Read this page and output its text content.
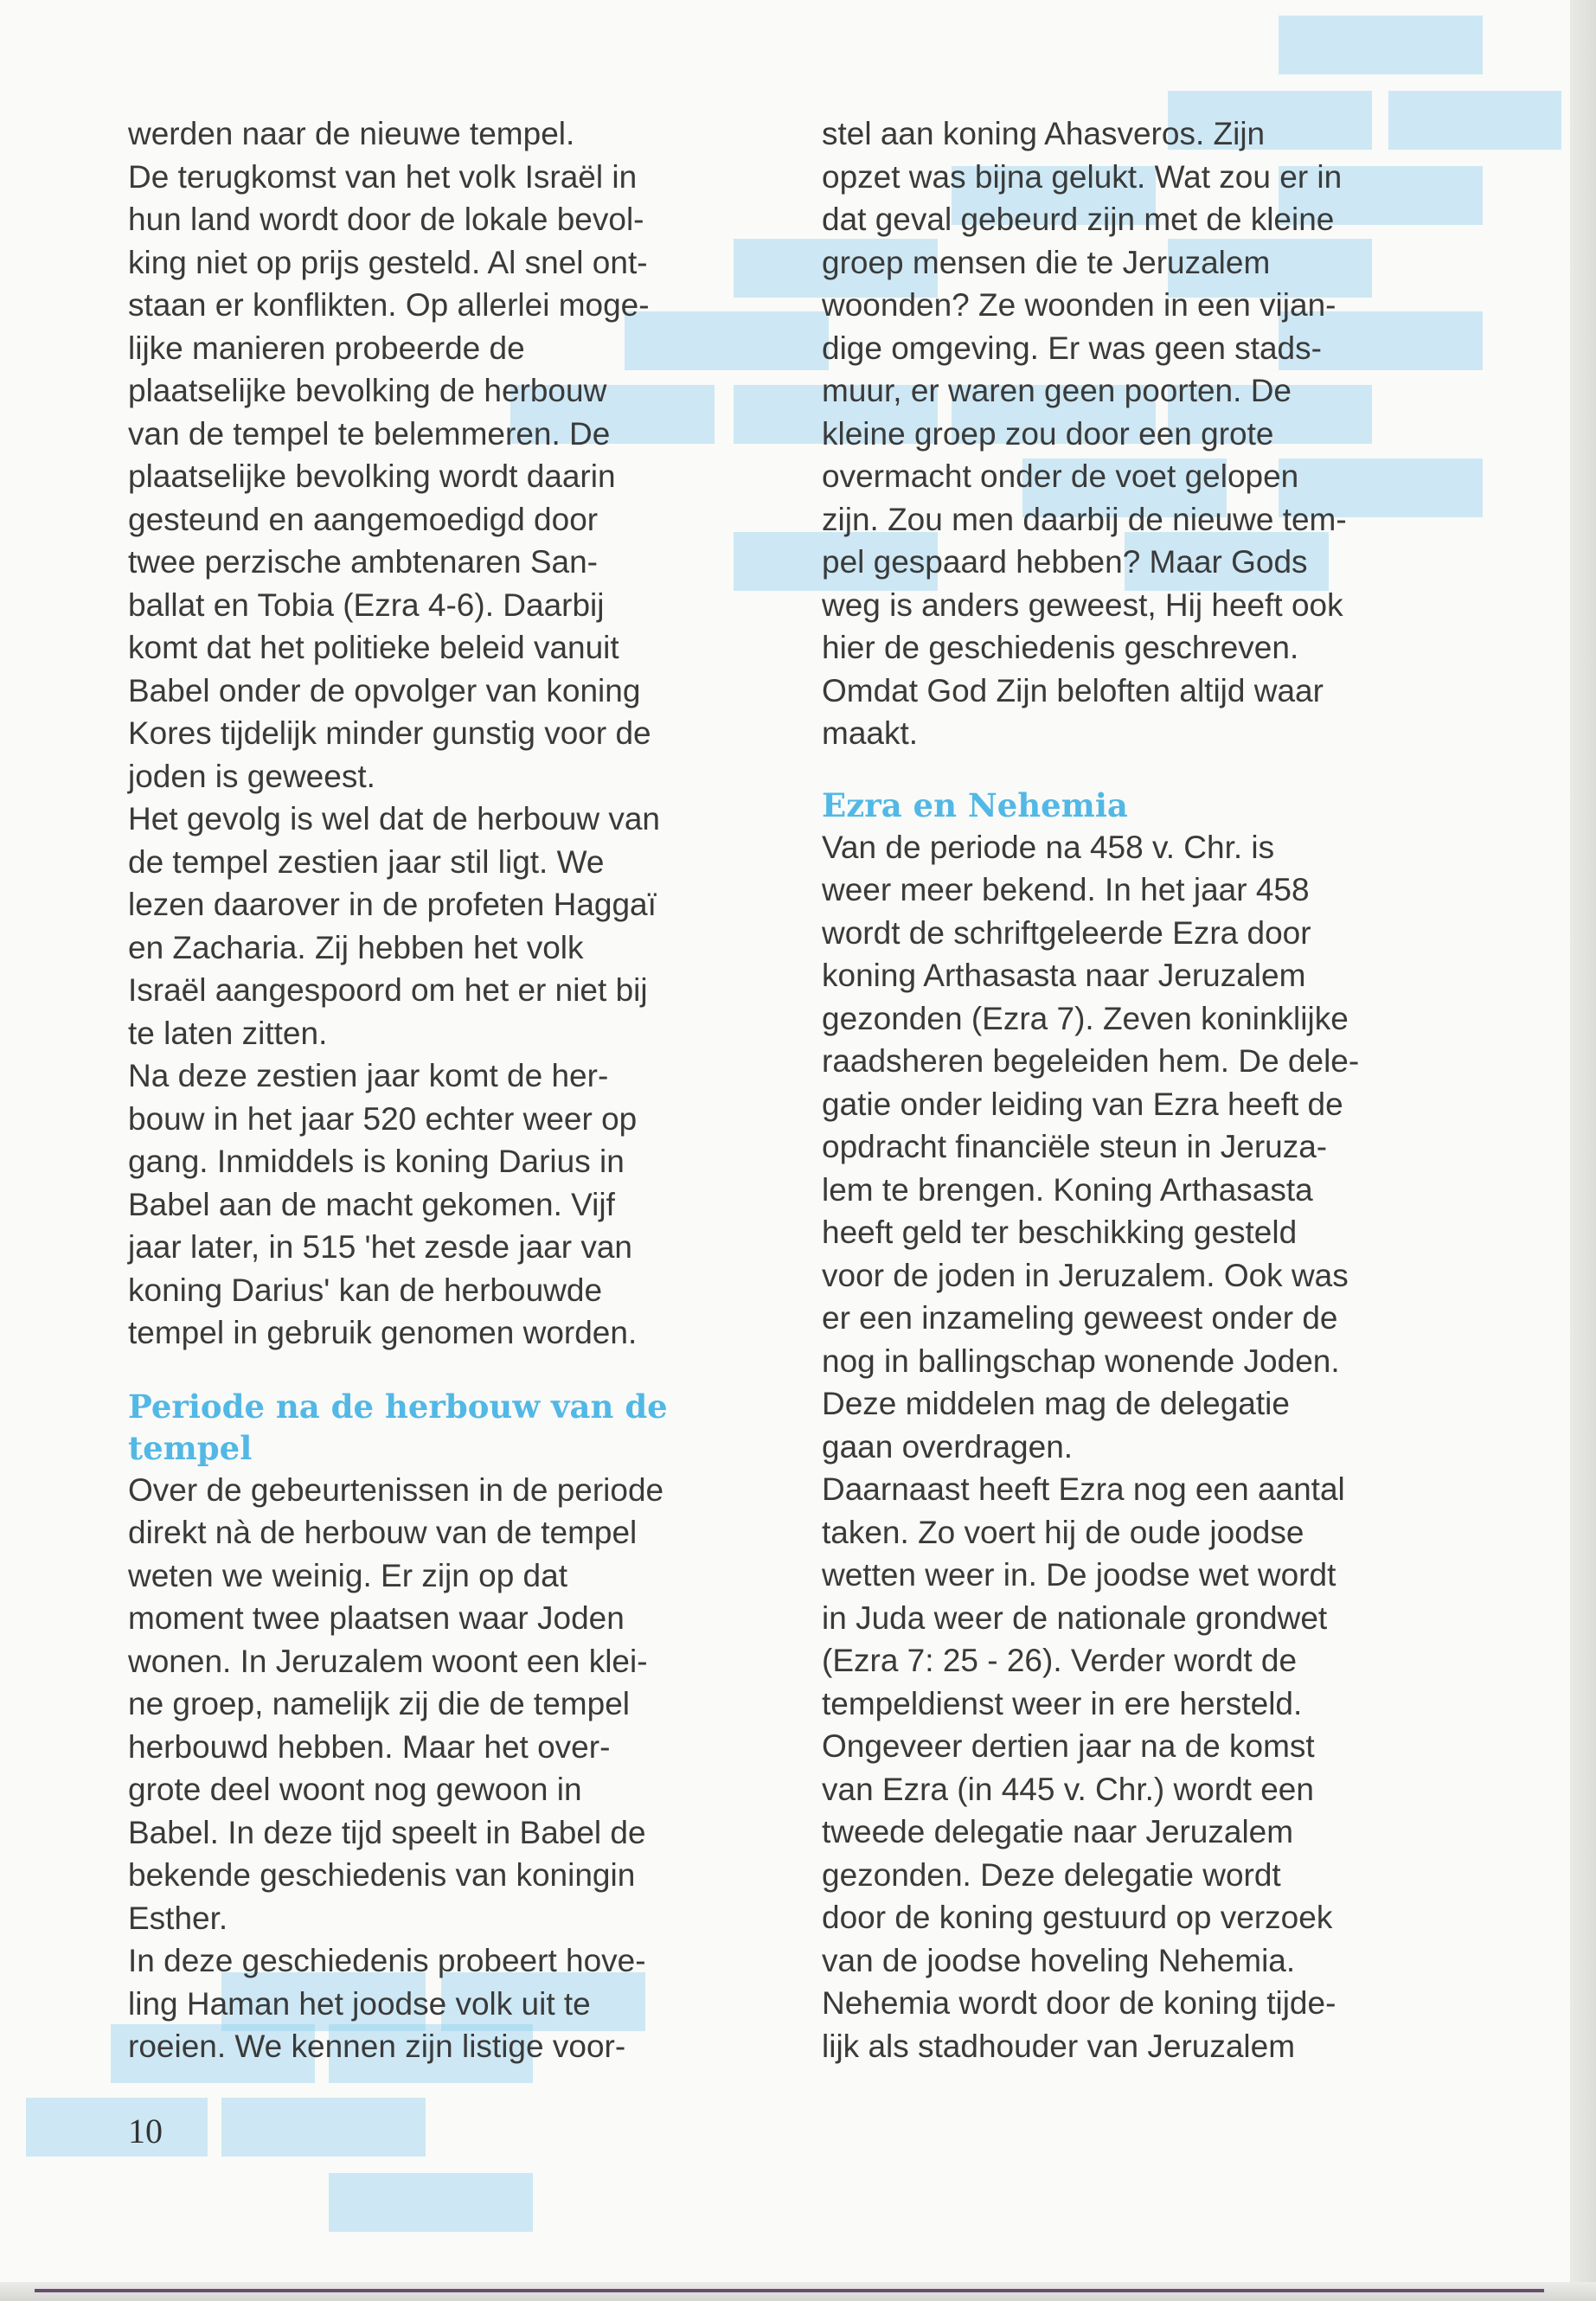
werden naar de nieuwe tempel.
De terugkomst van het volk Israël in
hun land wordt door de lokale bevol-
king niet op prijs gesteld. Al snel ont-
staan er konflikten. Op allerlei moge-
lijke manieren probeerde de
plaatselijke bevolking de herbouw
van de tempel te belemmeren. De
plaatselijke bevolking wordt daarin
gesteund en aangemoedigd door
twee perzische ambtenaren San-
ballat en Tobia (Ezra 4-6). Daarbij
komt dat het politieke beleid vanuit
Babel onder de opvolger van koning
Kores tijdelijk minder gunstig voor de
joden is geweest.
Het gevolg is wel dat de herbouw van
de tempel zestien jaar stil ligt. We
lezen daarover in de profeten Haggaï
en Zacharia. Zij hebben het volk
Israël aangespoord om het er niet bij
te laten zitten.
Na deze zestien jaar komt de her-
bouw in het jaar 520 echter weer op
gang. Inmiddels is koning Darius in
Babel aan de macht gekomen. Vijf
jaar later, in 515 'het zesde jaar van
koning Darius' kan de herbouwde
tempel in gebruik genomen worden.
Periode na de herbouw van de
tempel
Over de gebeurtenissen in de periode
direkt nà de herbouw van de tempel
weten we weinig. Er zijn op dat
moment twee plaatsen waar Joden
wonen. In Jeruzalem woont een klei-
ne groep, namelijk zij die de tempel
herbouwd hebben. Maar het over-
grote deel woont nog gewoon in
Babel. In deze tijd speelt in Babel de
bekende geschiedenis van koningin
Esther.
In deze geschiedenis probeert hove-
ling Haman het joodse volk uit te
roeien. We kennen zijn listige voor-
stel aan koning Ahasveros. Zijn
opzet was bijna gelukt. Wat zou er in
dat geval gebeurd zijn met de kleine
groep mensen die te Jeruzalem
woonden? Ze woonden in een vijan-
dige omgeving. Er was geen stads-
muur, er waren geen poorten. De
kleine groep zou door een grote
overmacht onder de voet gelopen
zijn. Zou men daarbij de nieuwe tem-
pel gespaard hebben? Maar Gods
weg is anders geweest, Hij heeft ook
hier de geschiedenis geschreven.
Omdat God Zijn beloften altijd waar
maakt.
Ezra en Nehemia
Van de periode na 458 v. Chr. is
weer meer bekend. In het jaar 458
wordt de schriftgeleerde Ezra door
koning Arthasasta naar Jeruzalem
gezonden (Ezra 7). Zeven koninklijke
raadsheren begeleiden hem. De dele-
gatie onder leiding van Ezra heeft de
opdracht financiële steun in Jeruza-
lem te brengen. Koning Arthasasta
heeft geld ter beschikking gesteld
voor de joden in Jeruzalem. Ook was
er een inzameling geweest onder de
nog in ballingschap wonende Joden.
Deze middelen mag de delegatie
gaan overdragen.
Daarnaast heeft Ezra nog een aantal
taken. Zo voert hij de oude joodse
wetten weer in. De joodse wet wordt
in Juda weer de nationale grondwet
(Ezra 7: 25 - 26). Verder wordt de
tempeldienst weer in ere hersteld.
Ongeveer dertien jaar na de komst
van Ezra (in 445 v. Chr.) wordt een
tweede delegatie naar Jeruzalem
gezonden. Deze delegatie wordt
door de koning gestuurd op verzoek
van de joodse hoveling Nehemia.
Nehemia wordt door de koning tijde-
lijk als stadhouder van Jeruzalem
10
